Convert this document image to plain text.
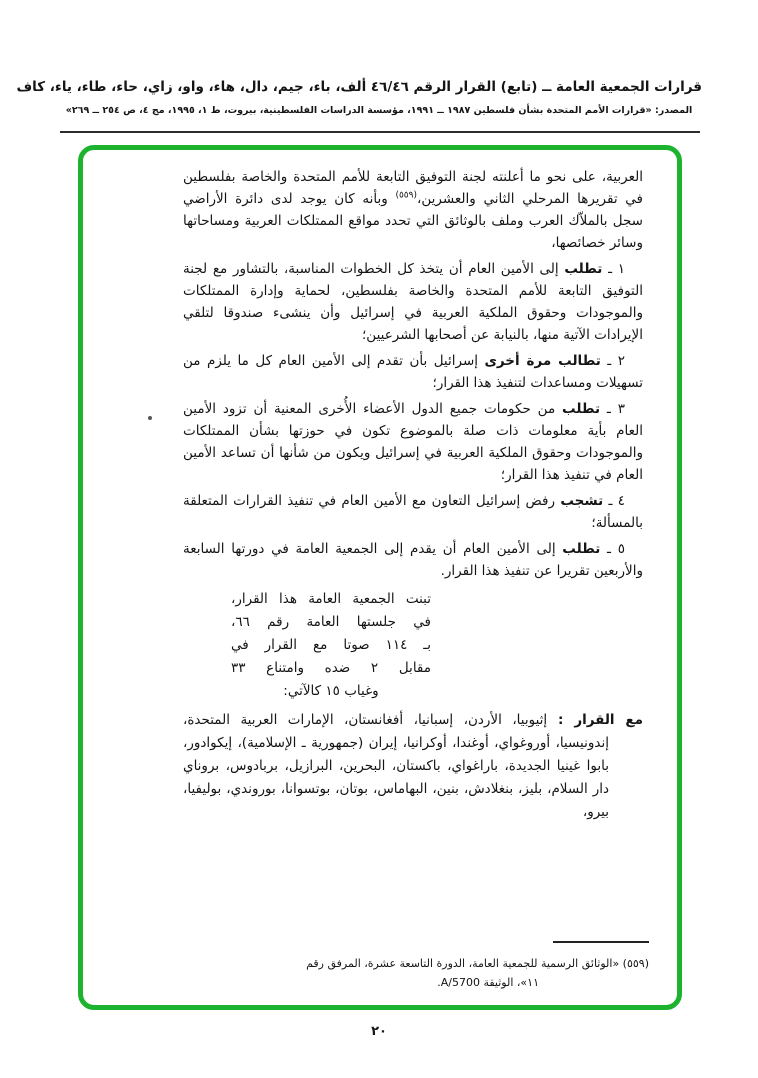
قرارات الجمعية العامة ــ (تابع) القرار الرقم ٤٦/٤٦ ألف، باء، جيم، دال، هاء، واو، زاي، حاء، طاء، ياء، كاف
المصدر: «قرارات الأمم المتحدة بشأن فلسطين ١٩٨٧ ــ ١٩٩١، مؤسسة الدراسات الفلسطينية، بيروت، ط ١، ١٩٩٥، مج ٤، ص ٢٥٤ ــ ٢٦٩»

العربية، على نحو ما أعلنته لجنة التوفيق التابعة للأمم المتحدة والخاصة بفلسطين في تقريرها المرحلي الثاني والعشرين،$^{(٥٥٩)}$ وبأنه كان يوجد لدى دائرة الأراضي سجل بالملاّك العرب وملف بالوثائق التي تحدد مواقع الممتلكات العربية ومساحاتها وسائر خصائصها،

١ ـ تطلب إلى الأمين العام أن يتخذ كل الخطوات المناسبة، بالتشاور مع لجنة التوفيق التابعة للأمم المتحدة والخاصة بفلسطين، لحماية وإدارة الممتلكات والموجودات وحقوق الملكية العربية في إسرائيل وأن ينشىء صندوقا لتلقي الإيرادات الآتية منها، بالنيابة عن أصحابها الشرعيين؛

٢ ـ تطالب مرة أخرى إسرائيل بأن تقدم إلى الأمين العام كل ما يلزم من تسهيلات ومساعدات لتنفيذ هذا القرار؛

٣ ـ تطلب من حكومات جميع الدول الأعضاء الأُخرى المعنية أن تزود الأمين العام بأية معلومات ذات صلة بالموضوع تكون في حوزتها بشأن الممتلكات والموجودات وحقوق الملكية العربية في إسرائيل ويكون من شأنها أن تساعد الأمين العام في تنفيذ هذا القرار؛

٤ ـ تشجب رفض إسرائيل التعاون مع الأمين العام في تنفيذ القرارات المتعلقة بالمسألة؛

٥ ـ تطلب إلى الأمين العام أن يقدم إلى الجمعية العامة في دورتها السابعة والأربعين تقريرا عن تنفيذ هذا القرار.

تبنت الجمعية العامة هذا القرار،
في جلستها العامة رقم ٦٦،
بـ ١١٤ صوتا مع القرار في
مقابل ٢ ضده وامتناع ٣٣
وغياب ١٥ كالآتي:
مع القرار : إثيوبيا، الأردن، إسبانيا، أفغانستان، الإمارات العربية المتحدة، إندونيسيا، أوروغواي، أوغندا، أوكرانيا، إيران (جمهورية ـ الإسلامية)، إيكوادور، بابوا غينيا الجديدة، باراغواي، باكستان، البحرين، البرازيل، بربادوس، بروناي دار السلام، بليز، بنغلادش، بنين، البهاماس، بوتان، بوتسوانا، بوروندي، بوليفيا، بيرو،
(٥٥٩) «الوثائق الرسمية للجمعية العامة، الدورة التاسعة عشرة، المرفق رقم
١١»، الوثيقة A/5700.
٢٠
